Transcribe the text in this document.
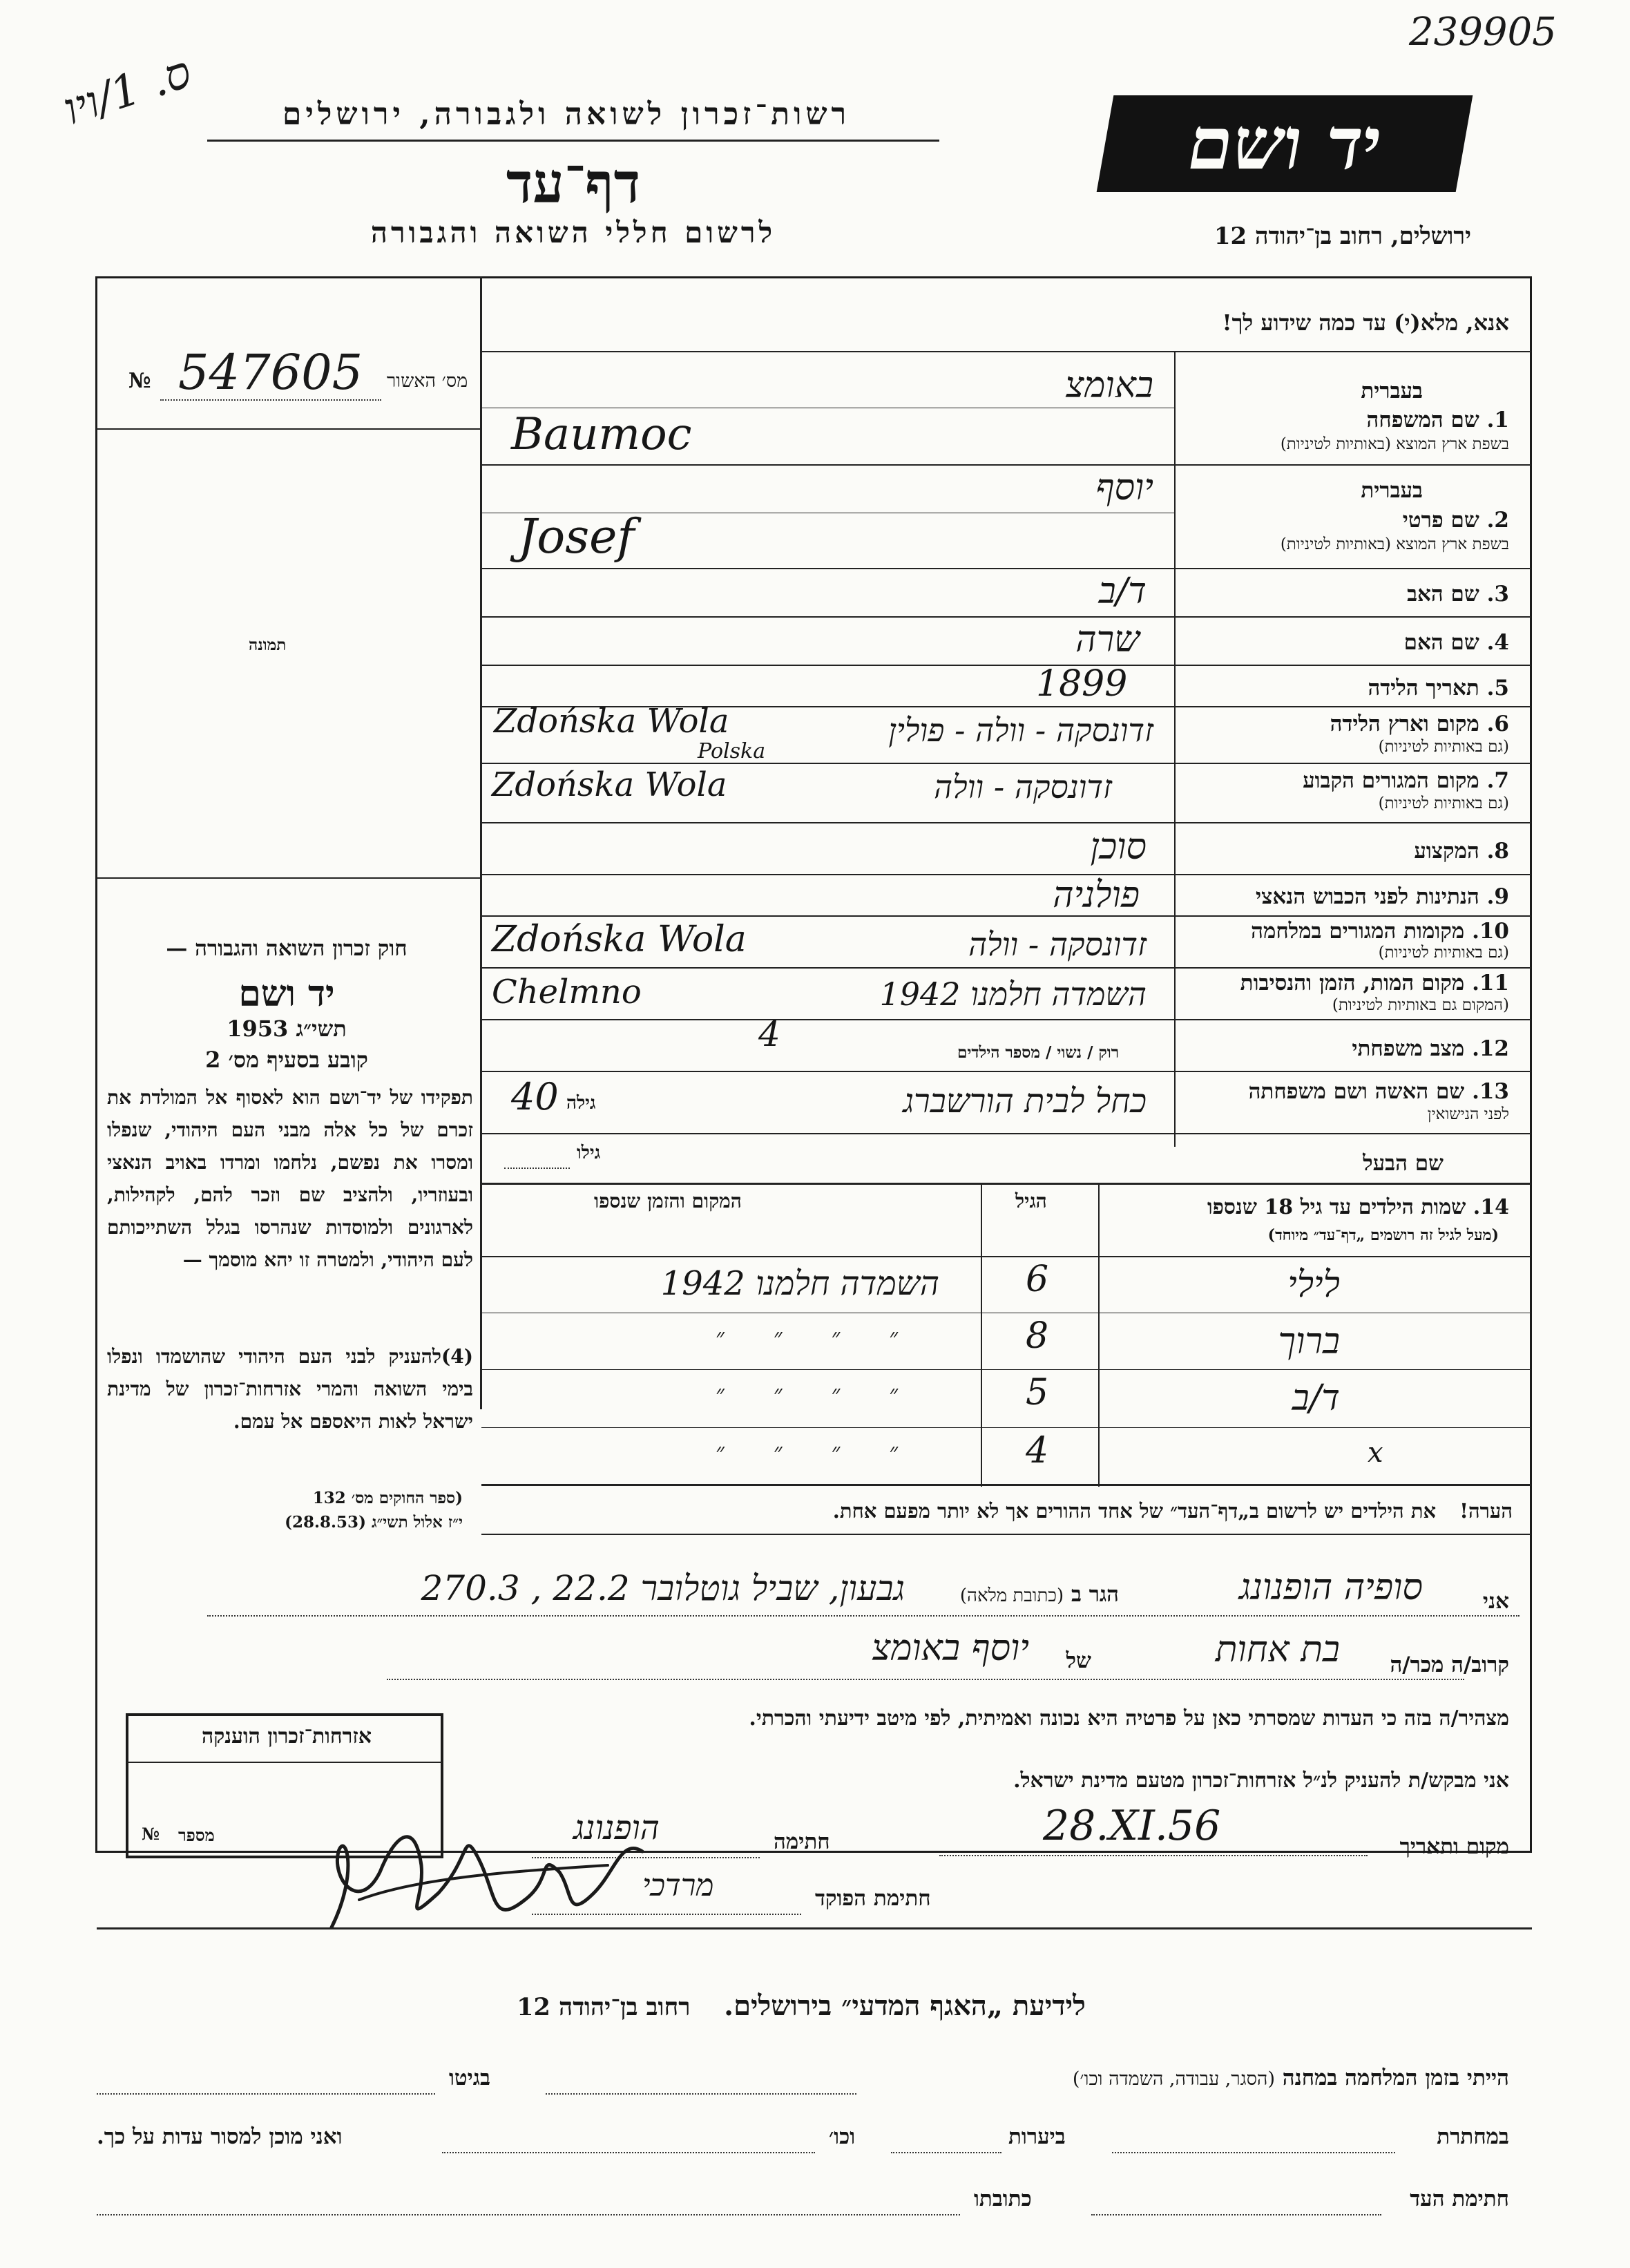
239905
ס. 1/ויו
רשות־זכרון לשואה ולגבורה, ירושלים
דף־עד
לרשום חללי השואה והגבורה
יד ושם
ירושלים, רחוב בן־יהודה 12
אנא, מלא(י) עד כמה שידוע לך!
מס׳ האשור
№ 547605
תמונה
חוק זכרון השואה והגבורה —
יד ושם
תשי״ג 1953
קובע בסעיף מס׳ 2
תפקידו של יד־ושם הוא לאסוף אל המולדת את זכרם של כל אלה מבני העם היהודי, שנפלו ומסרו את נפשם, נלחמו ומרדו באויב הנאצי ובעוזריו, ולהציב שם וזכר להם, לקהילות, לארגונים ולמוסדות שנהרסו בגלל השתייכותם לעם היהודי, ולמטרה זו יהא מוסמך —
(4)להעניק לבני העם היהודי שהושמדו ונפלו בימי השואה והמרי אזרחות־זכרון של מדינת ישראל לאות היאספם אל עמם.
(ספר החוקים מס׳ 132
י״ז אלול תשי״ג (28.8.53)
בעברית
1. שם המשפחה
בשפת ארץ המוצא (באותיות לטיניות)
באומצ
Baumoc
בעברית
2. שם פרטי
בשפת ארץ המוצא (באותיות לטיניות)
יוסף
Josef
3. שם האב
ד/ב
4. שם האם
שרה
5. תאריך הלידה
1899
6. מקום וארץ הלידה
(גם באותיות לטיניות)
זדונסקה - וולה - פולין
Zdońska Wola
Polska
7. מקום המגורים הקבוע
(גם באותיות לטיניות)
זדונסקה - וולה
Zdońska Wola
8. המקצוע
סוכן
9. הנתינות לפני הכבוש הנאצי
פולניה
10. מקומות המגורים במלחמה
(גם באותיות לטיניות)
זדונסקה - וולה
Zdońska Wola
11. מקום המות, הזמן והנסיבות
(המקום גם באותיות לטיניות)
השמדה חלמנו 1942
Chelmno
12. מצב משפחתי
רוק / נשוי / מספר הילדים
4
13. שם האשה ושם משפחתה
לפני הנישואין
כחל לבית הורשברג
גילה
40
שם הבעל
גילו
14. שמות הילדים עד גיל 18 שנספו
(מעל לגיל זה רושמים „דף־עד״ מיוחד)
הגיל
המקום והזמן שנספו
לילי
6
השמדה חלמנו 1942
ברוך
8
״ ״ ״ ״
ד/ב
5
״ ״ ״ ״
x
4
״ ״ ״ ״
הערה! את הילדים יש לרשום ב„דף־העד״ של אחד ההורים אך לא יותר מפעם אחת.
אני
סופיה הופנונג
הגר ב (כתובת מלאה)
גבעון, שביל גוטלובר 22.2 , 270.3
קרוב/ה מכר/ה
בת אחות
של
יוסף באומצ
מצהיר/ה בזה כי העדות שמסרתי כאן על פרטיה היא נכונה ואמיתית, לפי מיטב ידיעתי והכרתי.
אני מבקש/ת להעניק לנ״ל אזרחות־זכרון מטעם מדינת ישראל.
מקום ותאריך
28.XI.56
חתימה
הופנונג
חתימת הפוקד
מרדכי
אזרחות־זכרון הוענקה
מספר
№
לידיעת „האגף המדעי״ בירושלים.    רחוב בן־יהודה 12
הייתי בזמן המלחמה במחנה (הסגר, עבודה, השמדה וכו׳)
בגיטו
במחתרת
ביערות
וכו׳
ואני מוכן למסור עדות על כך.
חתימת העד
כתובתו
